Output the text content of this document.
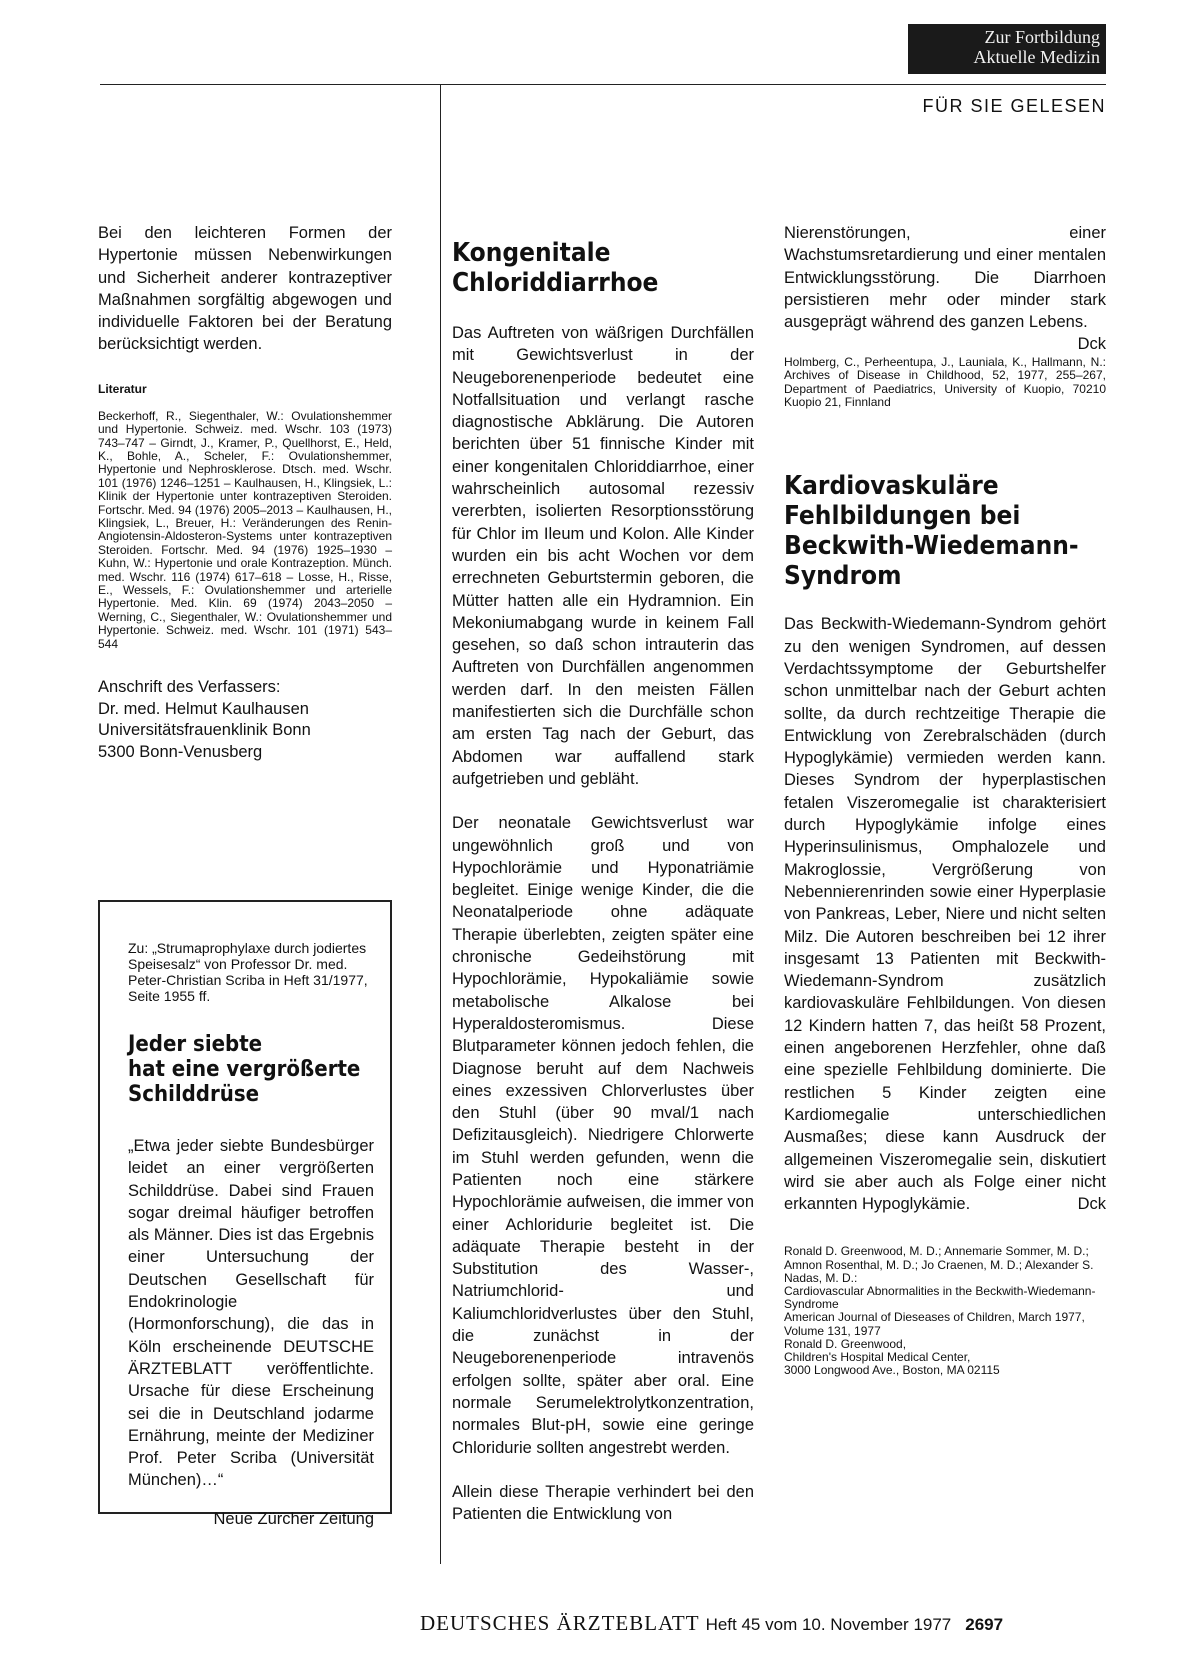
Zur Fortbildung
Aktuelle Medizin
FÜR SIE GELESEN

Bei den leichteren Formen der Hypertonie müssen Nebenwirkungen und Sicherheit anderer kontrazeptiver Maßnahmen sorgfältig abgewogen und individuelle Faktoren bei der Beratung berücksichtigt werden.

Literatur

Beckerhoff, R., Siegenthaler, W.: Ovulationshemmer und Hypertonie. Schweiz. med. Wschr. 103 (1973) 743–747 – Girndt, J., Kramer, P., Quellhorst, E., Held, K., Bohle, A., Scheler, F.: Ovulationshemmer, Hypertonie und Nephrosklerose. Dtsch. med. Wschr. 101 (1976) 1246–1251 – Kaulhausen, H., Klingsiek, L.: Klinik der Hypertonie unter kontrazeptiven Steroiden. Fortschr. Med. 94 (1976) 2005–2013 – Kaulhausen, H., Klingsiek, L., Breuer, H.: Veränderungen des Renin-Angiotensin-Aldosteron-Systems unter kontrazeptiven Steroiden. Fortschr. Med. 94 (1976) 1925–1930 – Kuhn, W.: Hypertonie und orale Kontrazeption. Münch. med. Wschr. 116 (1974) 617–618 – Losse, H., Risse, E., Wessels, F.: Ovulationshemmer und arterielle Hypertonie. Med. Klin. 69 (1974) 2043–2050 – Werning, C., Siegenthaler, W.: Ovulationshemmer und Hypertonie. Schweiz. med. Wschr. 101 (1971) 543–544

Anschrift des Verfassers:
Dr. med. Helmut Kaulhausen
Universitätsfrauenklinik Bonn
5300 Bonn-Venusberg

Zu: „Strumaprophylaxe durch jodiertes Speisesalz“ von Professor Dr. med. Peter-Christian Scriba in Heft 31/1977, Seite 1955 ff.

Jeder siebte
hat eine vergrößerte
Schilddrüse

„Etwa jeder siebte Bundesbürger leidet an einer vergrößerten Schilddrüse. Dabei sind Frauen sogar dreimal häufiger betroffen als Männer. Dies ist das Ergebnis einer Untersuchung der Deutschen Gesellschaft für Endokrinologie (Hormonforschung), die das in Köln erscheinende DEUTSCHE ÄRZTEBLATT veröffentlichte. Ursache für diese Erscheinung sei die in Deutschland jodarme Ernährung, meinte der Mediziner Prof. Peter Scriba (Universität München)…“

Neue Zürcher Zeitung

Kongenitale
Chloriddiarrhoe

Das Auftreten von wäßrigen Durchfällen mit Gewichtsverlust in der Neugeborenenperiode bedeutet eine Notfallsituation und verlangt rasche diagnostische Abklärung. Die Autoren berichten über 51 finnische Kinder mit einer kongenitalen Chloriddiarrhoe, einer wahrscheinlich autosomal rezessiv vererbten, isolierten Resorptionsstörung für Chlor im Ileum und Kolon. Alle Kinder wurden ein bis acht Wochen vor dem errechneten Geburtstermin geboren, die Mütter hatten alle ein Hydramnion. Ein Mekoniumabgang wurde in keinem Fall gesehen, so daß schon intrauterin das Auftreten von Durchfällen angenommen werden darf. In den meisten Fällen manifestierten sich die Durchfälle schon am ersten Tag nach der Geburt, das Abdomen war auffallend stark aufgetrieben und gebläht.

Der neonatale Gewichtsverlust war ungewöhnlich groß und von Hypochlorämie und Hyponatriämie begleitet. Einige wenige Kinder, die die Neonatalperiode ohne adäquate Therapie überlebten, zeigten später eine chronische Gedeihstörung mit Hypochlorämie, Hypokaliämie sowie metabolische Alkalose bei Hyperaldosteromismus. Diese Blutparameter können jedoch fehlen, die Diagnose beruht auf dem Nachweis eines exzessiven Chlorverlustes über den Stuhl (über 90 mval/1 nach Defizitausgleich). Niedrigere Chlorwerte im Stuhl werden gefunden, wenn die Patienten noch eine stärkere Hypochlorämie aufweisen, die immer von einer Achloridurie begleitet ist. Die adäquate Therapie besteht in der Substitution des Wasser-, Natriumchlorid- und Kaliumchloridverlustes über den Stuhl, die zunächst in der Neugeborenenperiode intravenös erfolgen sollte, später aber oral. Eine normale Serumelektrolytkonzentration, normales Blut-pH, sowie eine geringe Chloridurie sollten angestrebt werden.

Allein diese Therapie verhindert bei den Patienten die Entwicklung von

Nierenstörungen, einer Wachstumsretardierung und einer mentalen Entwicklungsstörung. Die Diarrhoen persistieren mehr oder minder stark ausgeprägt während des ganzen Lebens.
Dck

Holmberg, C., Perheentupa, J., Launiala, K., Hallmann, N.: Archives of Disease in Childhood, 52, 1977, 255–267, Department of Paediatrics, University of Kuopio, 70210 Kuopio 21, Finnland

Kardiovaskuläre
Fehlbildungen bei
Beckwith-Wiedemann-
Syndrom

Das Beckwith-Wiedemann-Syndrom gehört zu den wenigen Syndromen, auf dessen Verdachtssymptome der Geburtshelfer schon unmittelbar nach der Geburt achten sollte, da durch rechtzeitige Therapie die Entwicklung von Zerebralschäden (durch Hypoglykämie) vermieden werden kann. Dieses Syndrom der hyperplastischen fetalen Viszeromegalie ist charakterisiert durch Hypoglykämie infolge eines Hyperinsulinismus, Omphalozele und Makroglossie, Vergrößerung von Nebennierenrinden sowie einer Hyperplasie von Pankreas, Leber, Niere und nicht selten Milz. Die Autoren beschreiben bei 12 ihrer insgesamt 13 Patienten mit Beckwith-Wiedemann-Syndrom zusätzlich kardiovaskuläre Fehlbildungen. Von diesen 12 Kindern hatten 7, das heißt 58 Prozent, einen angeborenen Herzfehler, ohne daß eine spezielle Fehlbildung dominierte. Die restlichen 5 Kinder zeigten eine Kardiomegalie unterschiedlichen Ausmaßes; diese kann Ausdruck der allgemeinen Viszeromegalie sein, diskutiert wird sie aber auch als Folge einer nicht erkannten Hypoglykämie.	Dck

Ronald D. Greenwood, M. D.; Annemarie Sommer, M. D.; Amnon Rosenthal, M. D.; Jo Craenen, M. D.; Alexander S. Nadas, M. D.:
Cardiovascular Abnormalities in the Beckwith-Wiedemann-Syndrome
American Journal of Dieseases of Children, March 1977, Volume 131, 1977
Ronald D. Greenwood,
Children's Hospital Medical Center,
3000 Longwood Ave., Boston, MA 02115
DEUTSCHES ÄRZTEBLATT Heft 45 vom 10. November 1977 2697
